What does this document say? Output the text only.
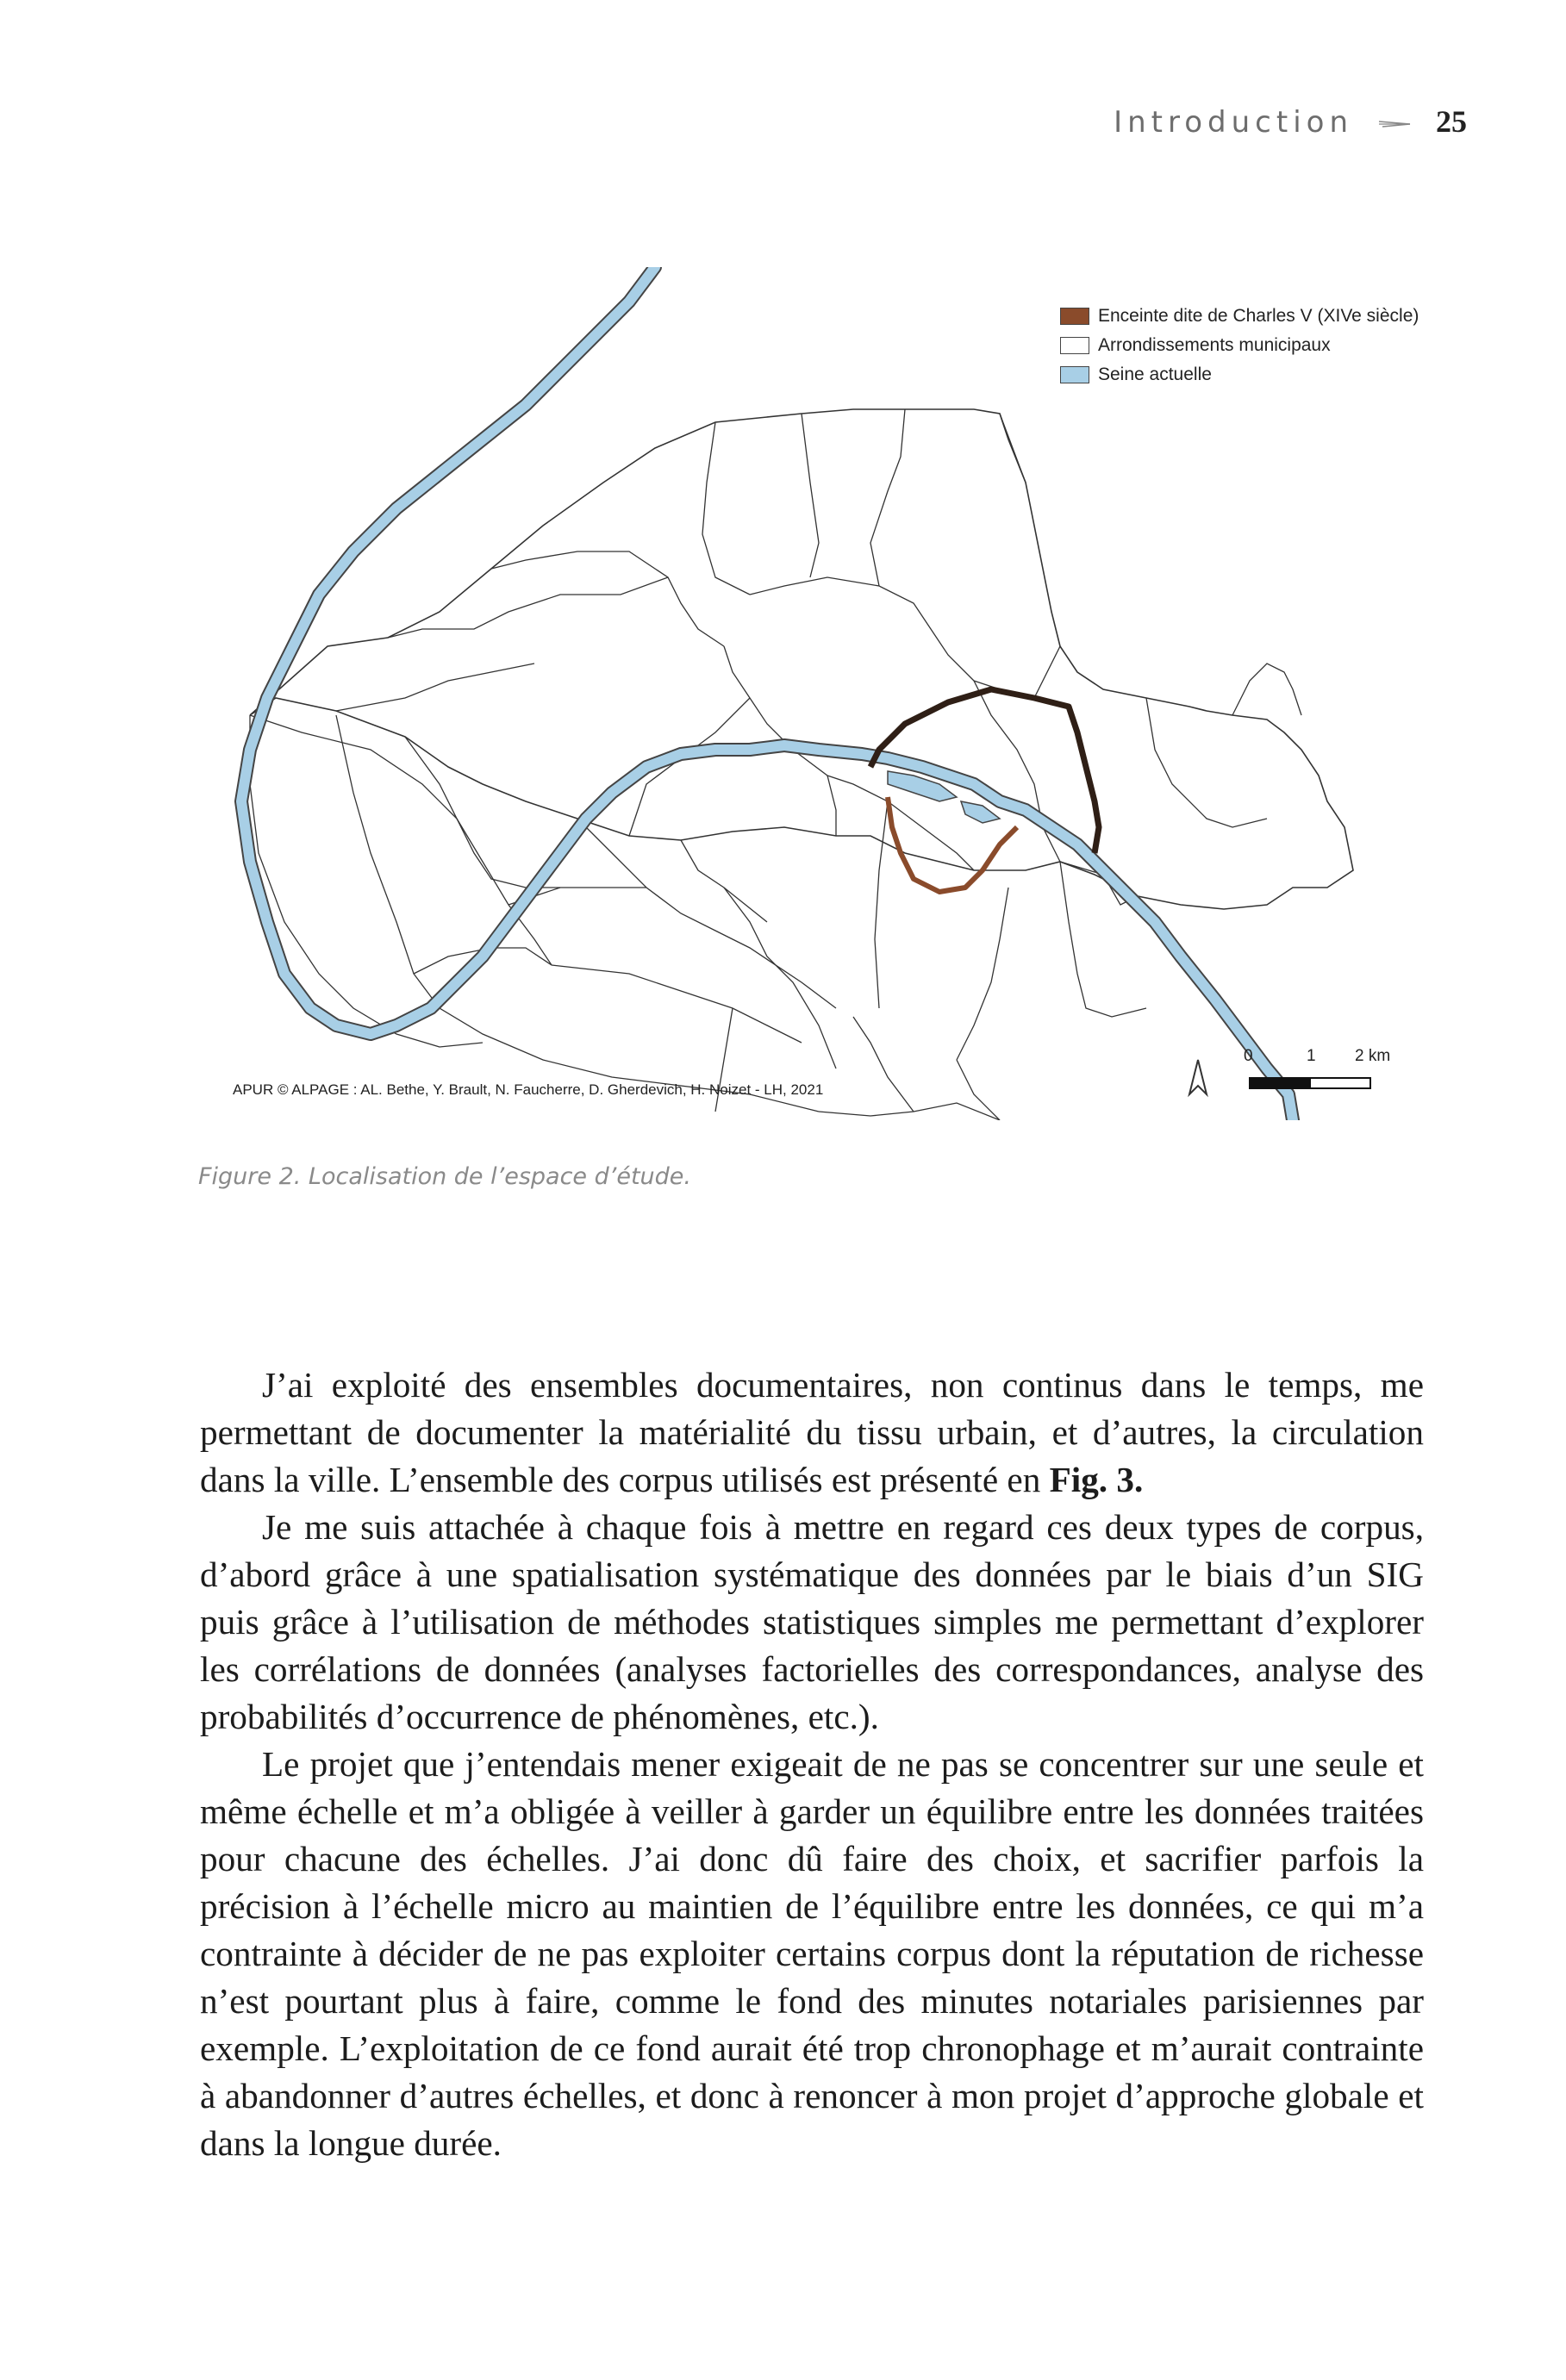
Introduction	25
Enceinte dite de Charles V (XIVe siècle)
Arrondissements municipaux
Seine actuelle
0	1 2 km
APUR © ALPAGE : AL. Bethe, Y. Brault, N. Faucherre, D. Gherdevich, H. Noizet - LH, 2021
Figure 2. Localisation de l’espace d’étude.

J’ai exploité des ensembles documentaires, non continus dans le temps, me permettant de documenter la matérialité du tissu urbain, et d’autres, la circulation dans la ville. L’ensemble des corpus utilisés est présenté en Fig. 3.

Je me suis attachée à chaque fois à mettre en regard ces deux types de corpus, d’abord grâce à une spatialisation systématique des données par le biais d’un SIG puis grâce à l’utilisation de méthodes statistiques simples me permettant d’explorer les corrélations de données (analyses factorielles des correspondances, analyse des probabilités d’occurrence de phénomènes, etc.).

Le projet que j’entendais mener exigeait de ne pas se concentrer sur une seule et même échelle et m’a obligée à veiller à garder un équilibre entre les données traitées pour chacune des échelles. J’ai donc dû faire des choix, et sacrifier parfois la précision à l’échelle micro au maintien de l’équilibre entre les données, ce qui m’a contrainte à décider de ne pas exploiter certains corpus dont la réputation de richesse n’est pourtant plus à faire, comme le fond des minutes notariales parisiennes par exemple. L’exploitation de ce fond aurait été trop chronophage et m’aurait contrainte à abandonner d’autres échelles, et donc à renoncer à mon projet d’approche globale et dans la longue durée.
